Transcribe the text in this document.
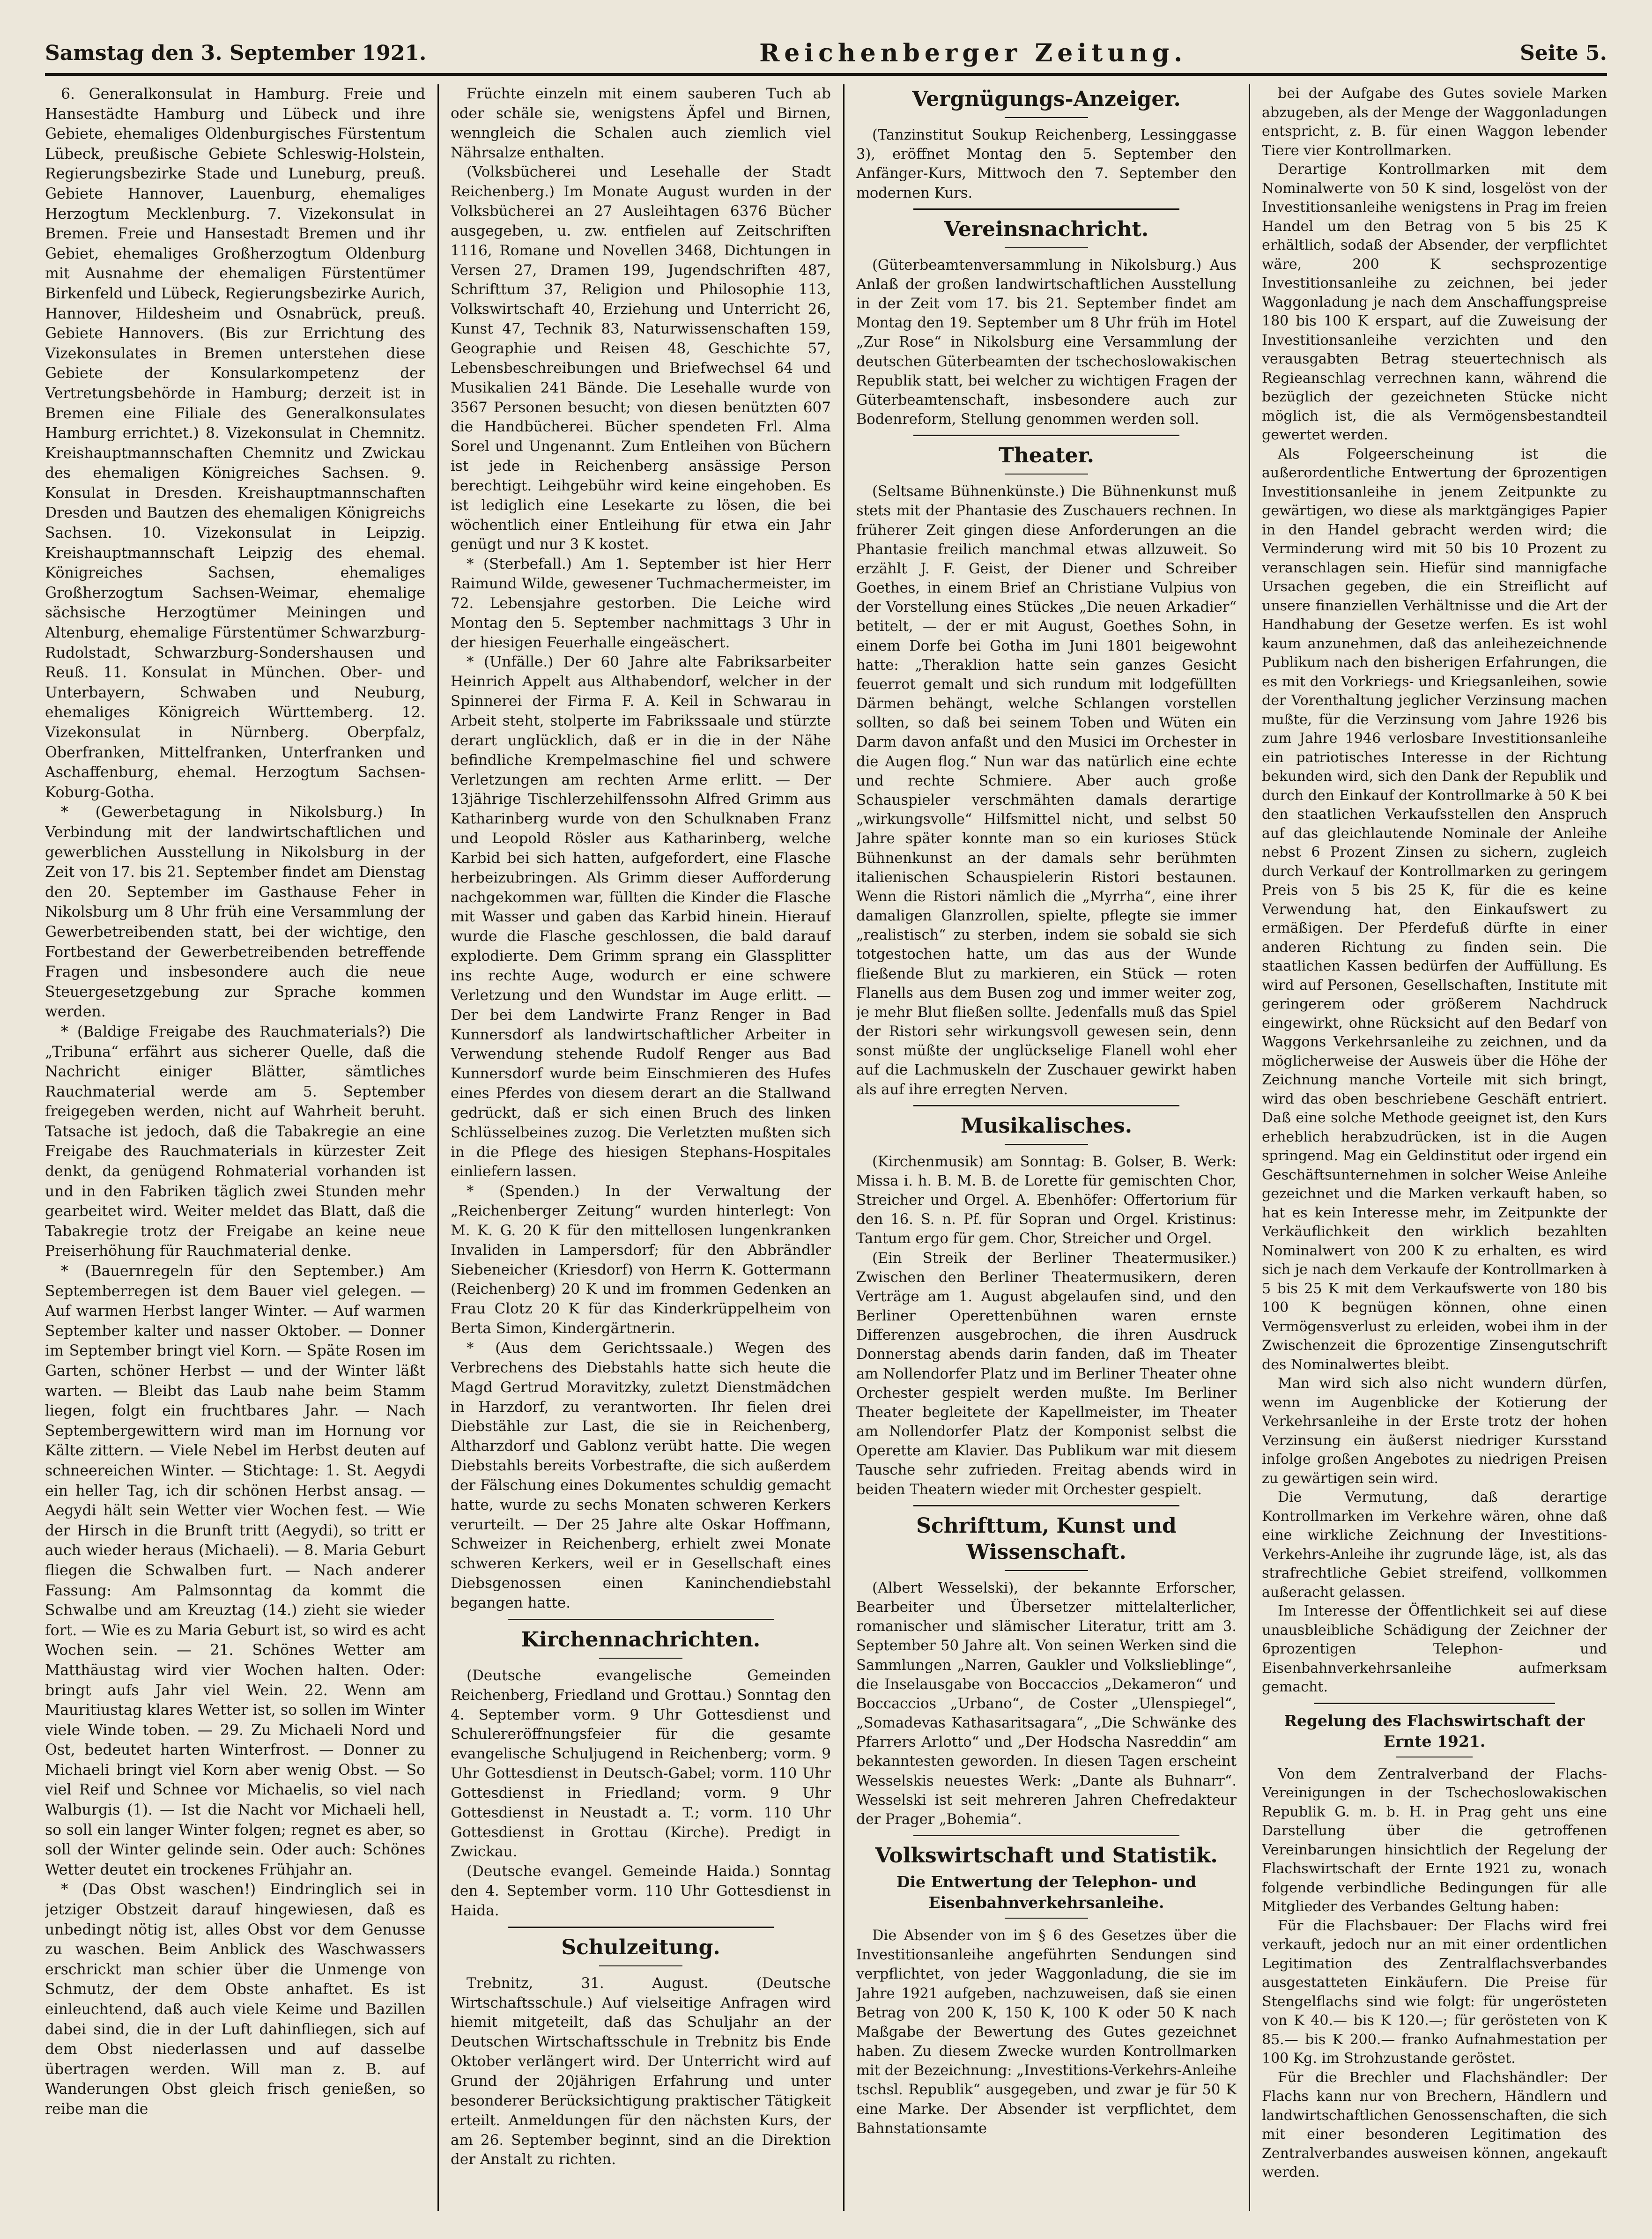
Samstag den 3. September 1921.	Reichenberger Zeitung.	Seite 5.

6. Generalkonsulat in Hamburg. Freie und Hansestädte Hamburg und Lübeck und ihre Gebiete, ehemaliges Oldenburgisches Fürstentum Lübeck, preußische Gebiete Schleswig-Holstein, Regierungsbezirke Stade und Luneburg, preuß. Gebiete Hannover, Lauenburg, ehemaliges Herzogtum Mecklenburg. 7. Vizekonsulat in Bremen. Freie und Hansestadt Bremen und ihr Gebiet, ehemaliges Großherzogtum Oldenburg mit Ausnahme der ehemaligen Fürstentümer Birkenfeld und Lübeck, Regierungsbezirke Aurich, Hannover, Hildesheim und Osnabrück, preuß. Gebiete Hannovers. (Bis zur Errichtung des Vizekonsulates in Bremen unterstehen diese Gebiete der Konsularkompetenz der Vertretungsbehörde in Hamburg; derzeit ist in Bremen eine Filiale des Generalkonsulates Hamburg errichtet.) 8. Vizekonsulat in Chemnitz. Kreishauptmannschaften Chemnitz und Zwickau des ehemaligen Königreiches Sachsen. 9. Konsulat in Dresden. Kreishauptmannschaften Dresden und Bautzen des ehemaligen Königreichs Sachsen. 10. Vizekonsulat in Leipzig. Kreishauptmannschaft Leipzig des ehemal. Königreiches Sachsen, ehemaliges Großherzogtum Sachsen-Weimar, ehemalige sächsische Herzogtümer Meiningen und Altenburg, ehemalige Fürstentümer Schwarzburg-Rudolstadt, Schwarzburg-Sondershausen und Reuß. 11. Konsulat in München. Ober- und Unterbayern, Schwaben und Neuburg, ehemaliges Königreich Württemberg. 12. Vizekonsulat in Nürnberg. Oberpfalz, Oberfranken, Mittelfranken, Unterfranken und Aschaffenburg, ehemal. Herzogtum Sachsen-Koburg-Gotha.

* (Gewerbetagung in Nikolsburg.) In Verbindung mit der landwirtschaftlichen und gewerblichen Ausstellung in Nikolsburg in der Zeit von 17. bis 21. September findet am Dienstag den 20. September im Gasthause Feher in Nikolsburg um 8 Uhr früh eine Versammlung der Gewerbetreibenden statt, bei der wichtige, den Fortbestand der Gewerbetreibenden betreffende Fragen und insbesondere auch die neue Steuergesetzgebung zur Sprache kommen werden.

* (Baldige Freigabe des Rauchmaterials?) Die „Tribuna“ erfährt aus sicherer Quelle, daß die Nachricht einiger Blätter, sämtliches Rauchmaterial werde am 5. September freigegeben werden, nicht auf Wahrheit beruht. Tatsache ist jedoch, daß die Tabakregie an eine Freigabe des Rauchmaterials in kürzester Zeit denkt, da genügend Rohmaterial vorhanden ist und in den Fabriken täglich zwei Stunden mehr gearbeitet wird. Weiter meldet das Blatt, daß die Tabakregie trotz der Freigabe an keine neue Preiserhöhung für Rauchmaterial denke.

* (Bauernregeln für den September.) Am Septemberregen ist dem Bauer viel gelegen. — Auf warmen Herbst langer Winter. — Auf warmen September kalter und nasser Oktober. — Donner im September bringt viel Korn. — Späte Rosen im Garten, schöner Herbst — und der Winter läßt warten. — Bleibt das Laub nahe beim Stamm liegen, folgt ein fruchtbares Jahr. — Nach Septembergewittern wird man im Hornung vor Kälte zittern. — Viele Nebel im Herbst deuten auf schneereichen Winter. — Stichtage: 1. St. Aegydi ein heller Tag, ich dir schönen Herbst ansag. — Aegydi hält sein Wetter vier Wochen fest. — Wie der Hirsch in die Brunft tritt (Aegydi), so tritt er auch wieder heraus (Michaeli). — 8. Maria Geburt fliegen die Schwalben furt. — Nach anderer Fassung: Am Palmsonntag da kommt die Schwalbe und am Kreuztag (14.) zieht sie wieder fort. — Wie es zu Maria Geburt ist, so wird es acht Wochen sein. — 21. Schönes Wetter am Matthäustag wird vier Wochen halten. Oder: bringt aufs Jahr viel Wein. 22. Wenn am Mauritiustag klares Wetter ist, so sollen im Winter viele Winde toben. — 29. Zu Michaeli Nord und Ost, bedeutet harten Winterfrost. — Donner zu Michaeli bringt viel Korn aber wenig Obst. — So viel Reif und Schnee vor Michaelis, so viel nach Walburgis (1). — Ist die Nacht vor Michaeli hell, so soll ein langer Winter folgen; regnet es aber, so soll der Winter gelinde sein. Oder auch: Schönes Wetter deutet ein trockenes Frühjahr an.

* (Das Obst waschen!) Eindringlich sei in jetziger Obstzeit darauf hingewiesen, daß es unbedingt nötig ist, alles Obst vor dem Genusse zu waschen. Beim Anblick des Waschwassers erschrickt man schier über die Unmenge von Schmutz, der dem Obste anhaftet. Es ist einleuchtend, daß auch viele Keime und Bazillen dabei sind, die in der Luft dahinfliegen, sich auf dem Obst niederlassen und auf dasselbe übertragen werden. Will man z. B. auf Wanderungen Obst gleich frisch genießen, so reibe man die

Früchte einzeln mit einem sauberen Tuch ab oder schäle sie, wenigstens Äpfel und Birnen, wenngleich die Schalen auch ziemlich viel Nährsalze enthalten.

(Volksbücherei und Lesehalle der Stadt Reichenberg.) Im Monate August wurden in der Volksbücherei an 27 Ausleihtagen 6376 Bücher ausgegeben, u. zw. entfielen auf Zeitschriften 1116, Romane und Novellen 3468, Dichtungen in Versen 27, Dramen 199, Jugendschriften 487, Schrifttum 37, Religion und Philosophie 113, Volkswirtschaft 40, Erziehung und Unterricht 26, Kunst 47, Technik 83, Naturwissenschaften 159, Geographie und Reisen 48, Geschichte 57, Lebensbeschreibungen und Briefwechsel 64 und Musikalien 241 Bände. Die Lesehalle wurde von 3567 Personen besucht; von diesen benützten 607 die Handbücherei. Bücher spendeten Frl. Alma Sorel und Ungenannt. Zum Entleihen von Büchern ist jede in Reichenberg ansässige Person berechtigt. Leihgebühr wird keine eingehoben. Es ist lediglich eine Lesekarte zu lösen, die bei wöchentlich einer Entleihung für etwa ein Jahr genügt und nur 3 K kostet.

* (Sterbefall.) Am 1. September ist hier Herr Raimund Wilde, gewesener Tuchmachermeister, im 72. Lebensjahre gestorben. Die Leiche wird Montag den 5. September nachmittags 3 Uhr in der hiesigen Feuerhalle eingeäschert.

* (Unfälle.) Der 60 Jahre alte Fabriksarbeiter Heinrich Appelt aus Althabendorf, welcher in der Spinnerei der Firma F. A. Keil in Schwarau in Arbeit steht, stolperte im Fabrikssaale und stürzte derart unglücklich, daß er in die in der Nähe befindliche Krempelmaschine fiel und schwere Verletzungen am rechten Arme erlitt. — Der 13jährige Tischlerzehilfenssohn Alfred Grimm aus Katharinberg wurde von den Schulknaben Franz und Leopold Rösler aus Katharinberg, welche Karbid bei sich hatten, aufgefordert, eine Flasche herbeizubringen. Als Grimm dieser Aufforderung nachgekommen war, füllten die Kinder die Flasche mit Wasser und gaben das Karbid hinein. Hierauf wurde die Flasche geschlossen, die bald darauf explodierte. Dem Grimm sprang ein Glassplitter ins rechte Auge, wodurch er eine schwere Verletzung und den Wundstar im Auge erlitt. — Der bei dem Landwirte Franz Renger in Bad Kunnersdorf als landwirtschaftlicher Arbeiter in Verwendung stehende Rudolf Renger aus Bad Kunnersdorf wurde beim Einschmieren des Hufes eines Pferdes von diesem derart an die Stallwand gedrückt, daß er sich einen Bruch des linken Schlüsselbeines zuzog. Die Verletzten mußten sich in die Pflege des hiesigen Stephans-Hospitales einliefern lassen.

* (Spenden.) In der Verwaltung der „Reichenberger Zeitung“ wurden hinterlegt: Von M. K. G. 20 K für den mittellosen lungenkranken Invaliden in Lampersdorf; für den Abbrändler Siebeneicher (Kriesdorf) von Herrn K. Gottermann (Reichenberg) 20 K und im frommen Gedenken an Frau Clotz 20 K für das Kinderkrüppelheim von Berta Simon, Kindergärtnerin.

* (Aus dem Gerichtssaale.) Wegen des Verbrechens des Diebstahls hatte sich heute die Magd Gertrud Moravitzky, zuletzt Dienstmädchen in Harzdorf, zu verantworten. Ihr fielen drei Diebstähle zur Last, die sie in Reichenberg, Altharzdorf und Gablonz verübt hatte. Die wegen Diebstahls bereits Vorbestrafte, die sich außerdem der Fälschung eines Dokumentes schuldig gemacht hatte, wurde zu sechs Monaten schweren Kerkers verurteilt. — Der 25 Jahre alte Oskar Hoffmann, Schweizer in Reichenberg, erhielt zwei Monate schweren Kerkers, weil er in Gesellschaft eines Diebsgenossen einen Kaninchendiebstahl begangen hatte.

Kirchennachrichten.

(Deutsche evangelische Gemeinden Reichenberg, Friedland und Grottau.) Sonntag den 4. September vorm. 9 Uhr Gottesdienst und Schulereröffnungsfeier für die gesamte evangelische Schuljugend in Reichenberg; vorm. 9 Uhr Gottesdienst in Deutsch-Gabel; vorm. 110 Uhr Gottesdienst in Friedland; vorm. 9 Uhr Gottesdienst in Neustadt a. T.; vorm. 110 Uhr Gottesdienst in Grottau (Kirche). Predigt in Zwickau.

(Deutsche evangel. Gemeinde Haida.) Sonntag den 4. September vorm. 110 Uhr Gottesdienst in Haida.

Schulzeitung.

Trebnitz, 31. August. (Deutsche Wirtschaftsschule.) Auf vielseitige Anfragen wird hiemit mitgeteilt, daß das Schuljahr an der Deutschen Wirtschaftsschule in Trebnitz bis Ende Oktober verlängert wird. Der Unterricht wird auf Grund der 20jährigen Erfahrung und unter besonderer Berücksichtigung praktischer Tätigkeit erteilt. Anmeldungen für den nächsten Kurs, der am 26. September beginnt, sind an die Direktion der Anstalt zu richten.

Vergnügungs-Anzeiger.

(Tanzinstitut Soukup Reichenberg, Lessinggasse 3), eröffnet Montag den 5. September den Anfänger-Kurs, Mittwoch den 7. September den modernen Kurs.

Vereinsnachricht.

(Güterbeamtenversammlung in Nikolsburg.) Aus Anlaß der großen landwirtschaftlichen Ausstellung in der Zeit vom 17. bis 21. September findet am Montag den 19. September um 8 Uhr früh im Hotel „Zur Rose“ in Nikolsburg eine Versammlung der deutschen Güterbeamten der tschechoslowakischen Republik statt, bei welcher zu wichtigen Fragen der Güterbeamtenschaft, insbesondere auch zur Bodenreform, Stellung genommen werden soll.

Theater.

(Seltsame Bühnenkünste.) Die Bühnenkunst muß stets mit der Phantasie des Zuschauers rechnen. In früherer Zeit gingen diese Anforderungen an die Phantasie freilich manchmal etwas allzuweit. So erzählt J. F. Geist, der Diener und Schreiber Goethes, in einem Brief an Christiane Vulpius von der Vorstellung eines Stückes „Die neuen Arkadier“ betitelt, — der er mit August, Goethes Sohn, in einem Dorfe bei Gotha im Juni 1801 beigewohnt hatte: „Theraklion hatte sein ganzes Gesicht feuerrot gemalt und sich rundum mit lodgefüllten Därmen behängt, welche Schlangen vorstellen sollten, so daß bei seinem Toben und Wüten ein Darm davon anfaßt und den Musici im Orchester in die Augen flog.“ Nun war das natürlich eine echte und rechte Schmiere. Aber auch große Schauspieler verschmähten damals derartige „wirkungsvolle“ Hilfsmittel nicht, und selbst 50 Jahre später konnte man so ein kurioses Stück Bühnenkunst an der damals sehr berühmten italienischen Schauspielerin Ristori bestaunen. Wenn die Ristori nämlich die „Myrrha“, eine ihrer damaligen Glanzrollen, spielte, pflegte sie immer „realistisch“ zu sterben, indem sie sobald sie sich totgestochen hatte, um das aus der Wunde fließende Blut zu markieren, ein Stück — roten Flanells aus dem Busen zog und immer weiter zog, je mehr Blut fließen sollte. Jedenfalls muß das Spiel der Ristori sehr wirkungsvoll gewesen sein, denn sonst müßte der unglückselige Flanell wohl eher auf die Lachmuskeln der Zuschauer gewirkt haben als auf ihre erregten Nerven.

Musikalisches.

(Kirchenmusik) am Sonntag: B. Golser, B. Werk: Missa i. h. B. M. B. de Lorette für gemischten Chor, Streicher und Orgel. A. Ebenhöfer: Offertorium für den 16. S. n. Pf. für Sopran und Orgel. Kristinus: Tantum ergo für gem. Chor, Streicher und Orgel.

(Ein Streik der Berliner Theatermusiker.) Zwischen den Berliner Theatermusikern, deren Verträge am 1. August abgelaufen sind, und den Berliner Operettenbühnen waren ernste Differenzen ausgebrochen, die ihren Ausdruck Donnerstag abends darin fanden, daß im Theater am Nollendorfer Platz und im Berliner Theater ohne Orchester gespielt werden mußte. Im Berliner Theater begleitete der Kapellmeister, im Theater am Nollendorfer Platz der Komponist selbst die Operette am Klavier. Das Publikum war mit diesem Tausche sehr zufrieden. Freitag abends wird in beiden Theatern wieder mit Orchester gespielt.

Schrifttum, Kunst und Wissenschaft.

(Albert Wesselski), der bekannte Erforscher, Bearbeiter und Übersetzer mittelalterlicher, romanischer und slämischer Literatur, tritt am 3. September 50 Jahre alt. Von seinen Werken sind die Sammlungen „Narren, Gaukler und Volkslieblinge“, die Inselausgabe von Boccaccios „Dekameron“ und Boccaccios „Urbano“, de Coster „Ulenspiegel“, „Somadevas Kathasaritsagara“, „Die Schwänke des Pfarrers Arlotto“ und „Der Hodscha Nasreddin“ am bekanntesten geworden. In diesen Tagen erscheint Wesselskis neuestes Werk: „Dante als Buhnarr“. Wesselski ist seit mehreren Jahren Chefredakteur der Prager „Bohemia“.

Volkswirtschaft und Statistik.
Die Entwertung der Telephon- und Eisenbahnverkehrsanleihe.

Die Absender von im § 6 des Gesetzes über die Investitionsanleihe angeführten Sendungen sind verpflichtet, von jeder Waggonladung, die sie im Jahre 1921 aufgeben, nachzuweisen, daß sie einen Betrag von 200 K, 150 K, 100 K oder 50 K nach Maßgabe der Bewertung des Gutes gezeichnet haben. Zu diesem Zwecke wurden Kontrollmarken mit der Bezeichnung: „Investitions-Verkehrs-Anleihe tschsl. Republik“ ausgegeben, und zwar je für 50 K eine Marke. Der Absender ist verpflichtet, dem Bahnstationsamte

bei der Aufgabe des Gutes soviele Marken abzugeben, als der Menge der Waggonladungen entspricht, z. B. für einen Waggon lebender Tiere vier Kontrollmarken.

Derartige Kontrollmarken mit dem Nominalwerte von 50 K sind, losgelöst von der Investitionsanleihe wenigstens in Prag im freien Handel um den Betrag von 5 bis 25 K erhältlich, sodaß der Absender, der verpflichtet wäre, 200 K sechsprozentige Investitionsanleihe zu zeichnen, bei jeder Waggonladung je nach dem Anschaffungspreise 180 bis 100 K erspart, auf die Zuweisung der Investitionsanleihe verzichten und den verausgabten Betrag steuertechnisch als Regieanschlag verrechnen kann, während die bezüglich der gezeichneten Stücke nicht möglich ist, die als Vermögensbestandteil gewertet werden.

Als Folgeerscheinung ist die außerordentliche Entwertung der 6prozentigen Investitionsanleihe in jenem Zeitpunkte zu gewärtigen, wo diese als marktgängiges Papier in den Handel gebracht werden wird; die Verminderung wird mit 50 bis 10 Prozent zu veranschlagen sein. Hiefür sind mannigfache Ursachen gegeben, die ein Streiflicht auf unsere finanziellen Verhältnisse und die Art der Handhabung der Gesetze werfen. Es ist wohl kaum anzunehmen, daß das anleihezeichnende Publikum nach den bisherigen Erfahrungen, die es mit den Vorkriegs- und Kriegsanleihen, sowie der Vorenthaltung jeglicher Verzinsung machen mußte, für die Verzinsung vom Jahre 1926 bis zum Jahre 1946 verlosbare Investitionsanleihe ein patriotisches Interesse in der Richtung bekunden wird, sich den Dank der Republik und durch den Einkauf der Kontrollmarke à 50 K bei den staatlichen Verkaufsstellen den Anspruch auf das gleichlautende Nominale der Anleihe nebst 6 Prozent Zinsen zu sichern, zugleich durch Verkauf der Kontrollmarken zu geringem Preis von 5 bis 25 K, für die es keine Verwendung hat, den Einkaufswert zu ermäßigen. Der Pferdefuß dürfte in einer anderen Richtung zu finden sein. Die staatlichen Kassen bedürfen der Auffüllung. Es wird auf Personen, Gesellschaften, Institute mit geringerem oder größerem Nachdruck eingewirkt, ohne Rücksicht auf den Bedarf von Waggons Verkehrsanleihe zu zeichnen, und da möglicherweise der Ausweis über die Höhe der Zeichnung manche Vorteile mit sich bringt, wird das oben beschriebene Geschäft entriert. Daß eine solche Methode geeignet ist, den Kurs erheblich herabzudrücken, ist in die Augen springend. Mag ein Geldinstitut oder irgend ein Geschäftsunternehmen in solcher Weise Anleihe gezeichnet und die Marken verkauft haben, so hat es kein Interesse mehr, im Zeitpunkte der Verkäuflichkeit den wirklich bezahlten Nominalwert von 200 K zu erhalten, es wird sich je nach dem Verkaufe der Kontrollmarken à 5 bis 25 K mit dem Verkaufswerte von 180 bis 100 K begnügen können, ohne einen Vermögensverlust zu erleiden, wobei ihm in der Zwischenzeit die 6prozentige Zinsengutschrift des Nominalwertes bleibt.

Man wird sich also nicht wundern dürfen, wenn im Augenblicke der Kotierung der Verkehrsanleihe in der Erste trotz der hohen Verzinsung ein äußerst niedriger Kursstand infolge großen Angebotes zu niedrigen Preisen zu gewärtigen sein wird.

Die Vermutung, daß derartige Kontrollmarken im Verkehre wären, ohne daß eine wirkliche Zeichnung der Investitions-Verkehrs-Anleihe ihr zugrunde läge, ist, als das strafrechtliche Gebiet streifend, vollkommen außeracht gelassen.

Im Interesse der Öffentlichkeit sei auf diese unausbleibliche Schädigung der Zeichner der 6prozentigen Telephon- und Eisenbahnverkehrsanleihe aufmerksam gemacht.

Regelung des Flachswirtschaft der Ernte 1921.

Von dem Zentralverband der Flachs-Vereinigungen in der Tschechoslowakischen Republik G. m. b. H. in Prag geht uns eine Darstellung über die getroffenen Vereinbarungen hinsichtlich der Regelung der Flachswirtschaft der Ernte 1921 zu, wonach folgende verbindliche Bedingungen für alle Mitglieder des Verbandes Geltung haben:

Für die Flachsbauer: Der Flachs wird frei verkauft, jedoch nur an mit einer ordentlichen Legitimation des Zentralflachsverbandes ausgestatteten Einkäufern. Die Preise für Stengelflachs sind wie folgt: für ungerösteten von K 40.— bis K 120.—; für gerösteten von K 85.— bis K 200.— franko Aufnahmestation per 100 Kg. im Strohzustande geröstet.

Für die Brechler und Flachshändler: Der Flachs kann nur von Brechern, Händlern und landwirtschaftlichen Genossenschaften, die sich mit einer besonderen Legitimation des Zentralverbandes ausweisen können, angekauft werden.
